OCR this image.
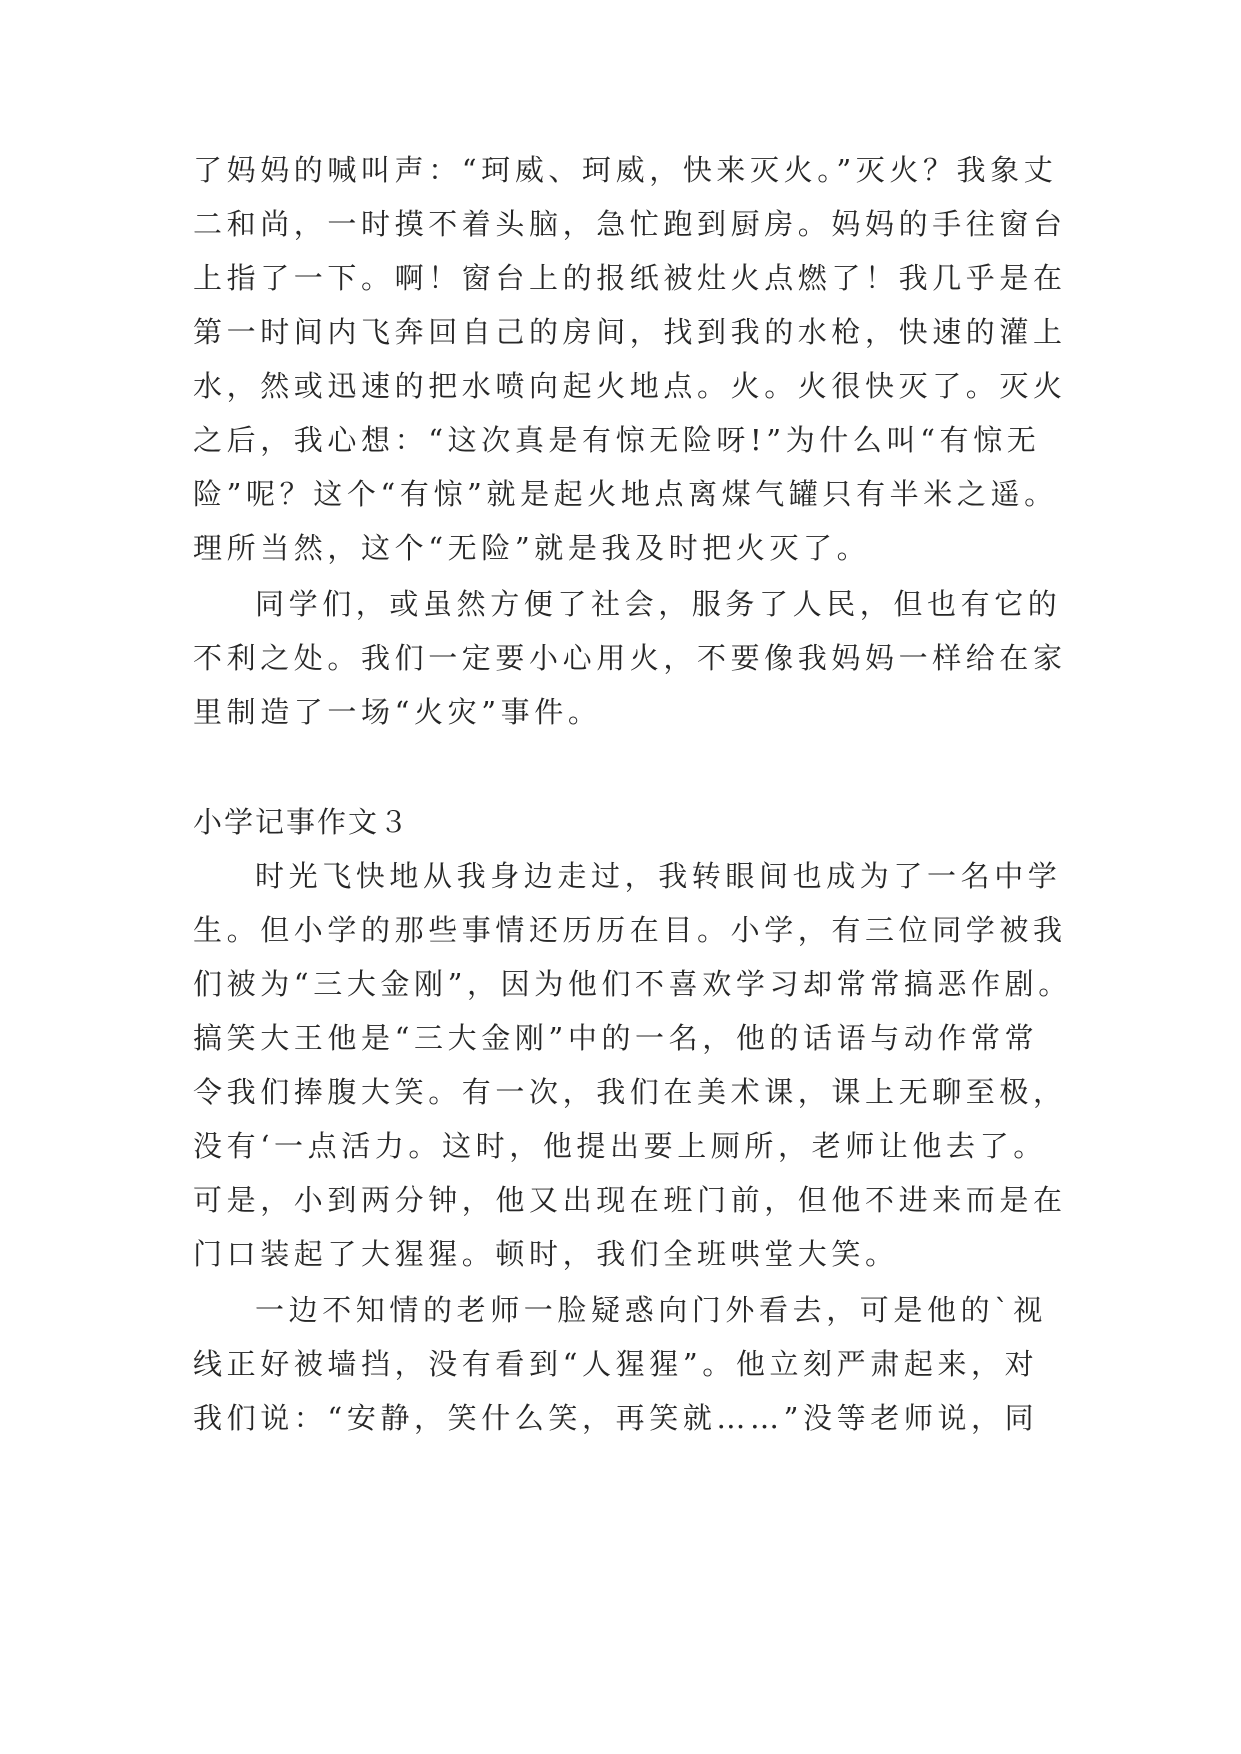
了妈妈的喊叫声：“珂威、珂威，快来灭火。”灭火？我象丈

二和尚，一时摸不着头脑，急忙跑到厨房。妈妈的手往窗台

上指了一下。啊！窗台上的报纸被灶火点燃了！我几乎是在

第一时间内飞奔回自己的房间，找到我的水枪，快速的灌上

水，然或迅速的把水喷向起火地点。火。火很快灭了。灭火

之后，我心想：“这次真是有惊无险呀!”为什么叫“有惊无

险”呢？这个“有惊”就是起火地点离煤气罐只有半米之遥。

理所当然，这个“无险”就是我及时把火灭了。

同学们，或虽然方便了社会，服务了人民，但也有它的

不利之处。我们一定要小心用火，不要像我妈妈一样给在家

里制造了一场“火灾”事件。

小学记事作文３

时光飞快地从我身边走过，我转眼间也成为了一名中学

生。但小学的那些事情还历历在目。小学，有三位同学被我

们被为“三大金刚”，因为他们不喜欢学习却常常搞恶作剧。

搞笑大王他是“三大金刚”中的一名，他的话语与动作常常

令我们捧腹大笑。有一次，我们在美术课，课上无聊至极，

没有‘一点活力。这时，他提出要上厕所，老师让他去了。

可是，小到两分钟，他又出现在班门前，但他不进来而是在

门口装起了大猩猩。顿时，我们全班哄堂大笑。

一边不知情的老师一脸疑惑向门外看去，可是他的`视

线正好被墙挡，没有看到“人猩猩”。他立刻严肃起来，对

我们说：“安静，笑什么笑，再笑就……”没等老师说，同
